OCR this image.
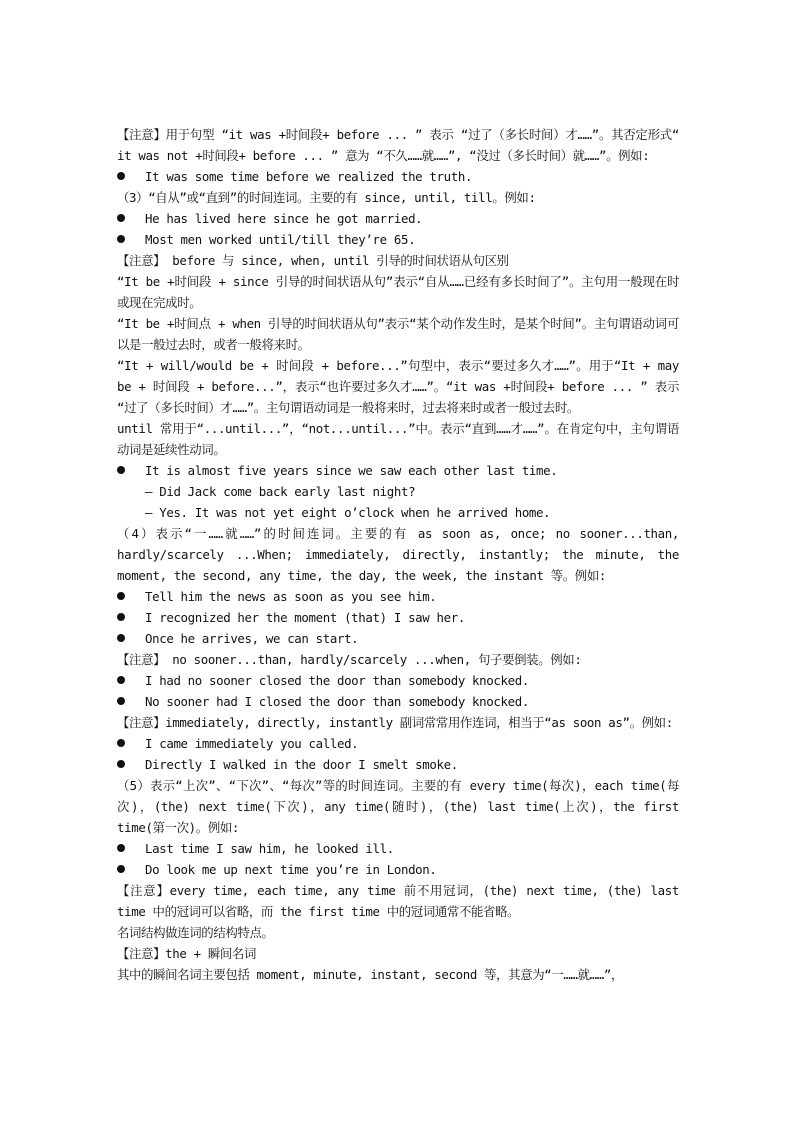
【注意】用于句型 “it was +时间段+ before ... ” 表示 “过了（多长时间）才……”。其否定形式“ it was not +时间段+ before ... ” 意为 “不久……就……”, “没过（多长时间）就……”。例如:

It was some time before we realized the truth.

（3）“自从”或“直到”的时间连词。主要的有 since, until, till。例如:

He has lived here since he got married.
Most men worked until/till they’re 65.

【注意】 before 与 since, when, until 引导的时间状语从句区别

“It be +时间段 + since 引导的时间状语从句”表示“自从……已经有多长时间了”。主句用一般现在时或现在完成时。

“It be +时间点 + when 引导的时间状语从句”表示“某个动作发生时，是某个时间”。主句谓语动词可以是一般过去时，或者一般将来时。

“It + will/would be + 时间段 + before...”句型中，表示“要过多久才……”。用于“It + may be + 时间段 + before...”，表示“也许要过多久才……”。“it was +时间段+ before ... ” 表示 “过了（多长时间）才……”。主句谓语动词是一般将来时，过去将来时或者一般过去时。

until 常用于“...until...”，“not...until...”中。表示“直到……才……”。在肯定句中，主句谓语动词是延续性动词。

It is almost five years since we saw each other last time.

— Did Jack come back early last night?

— Yes. It was not yet eight o’clock when he arrived home.

（4）表示“一……就……”的时间连词。主要的有 as soon as, once; no sooner...than, hardly/scarcely ...When; immediately, directly, instantly; the minute, the moment, the second, any time, the day, the week, the instant 等。例如:

Tell him the news as soon as you see him.
I recognized her the moment (that) I saw her.
Once he arrives, we can start.

【注意】 no sooner...than, hardly/scarcely ...when, 句子要倒装。例如:

I had no sooner closed the door than somebody knocked.
No sooner had I closed the door than somebody knocked.

【注意】immediately, directly, instantly 副词常常用作连词，相当于“as soon as”。例如:

I came immediately you called.
Directly I walked in the door I smelt smoke.

（5）表示“上次”、“下次”、“每次”等的时间连词。主要的有 every time(每次)，each time(每次)，(the) next time(下次)，any time(随时)，(the) last time(上次)，the first time(第一次)。例如:

Last time I saw him, he looked ill.
Do look me up next time you’re in London.

【注意】every time, each time, any time 前不用冠词，(the) next time, (the) last time 中的冠词可以省略，而 the first time 中的冠词通常不能省略。

名词结构做连词的结构特点。

【注意】the + 瞬间名词

其中的瞬间名词主要包括 moment, minute, instant, second 等，其意为“一……就……”，
